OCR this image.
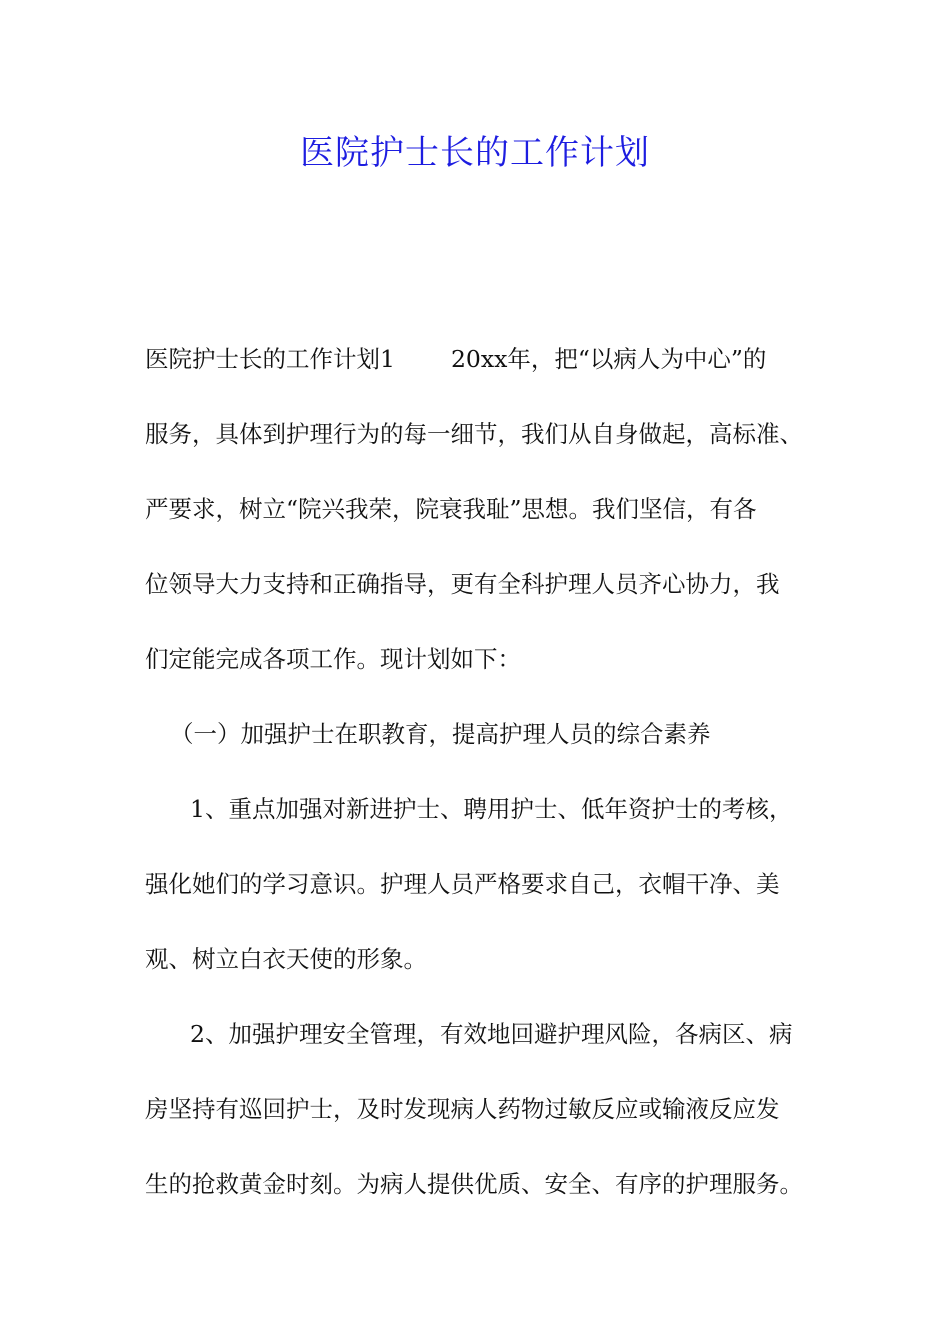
医院护士长的工作计划
医院护士长的工作计划1 20xx年，把“以病人为中心”的
服务，具体到护理行为的每一细节，我们从自身做起，高标准、
严要求，树立“院兴我荣，院衰我耻”思想。我们坚信，有各
位领导大力支持和正确指导，更有全科护理人员齐心协力，我
们定能完成各项工作。现计划如下：
（一）加强护士在职教育，提高护理人员的综合素养
1、重点加强对新进护士、聘用护士、低年资护士的考核，
强化她们的学习意识。护理人员严格要求自己，衣帽干净、美
观、树立白衣天使的形象。
2、加强护理安全管理，有效地回避护理风险，各病区、病
房坚持有巡回护士，及时发现病人药物过敏反应或输液反应发
生的抢救黄金时刻。为病人提供优质、安全、有序的护理服务。
